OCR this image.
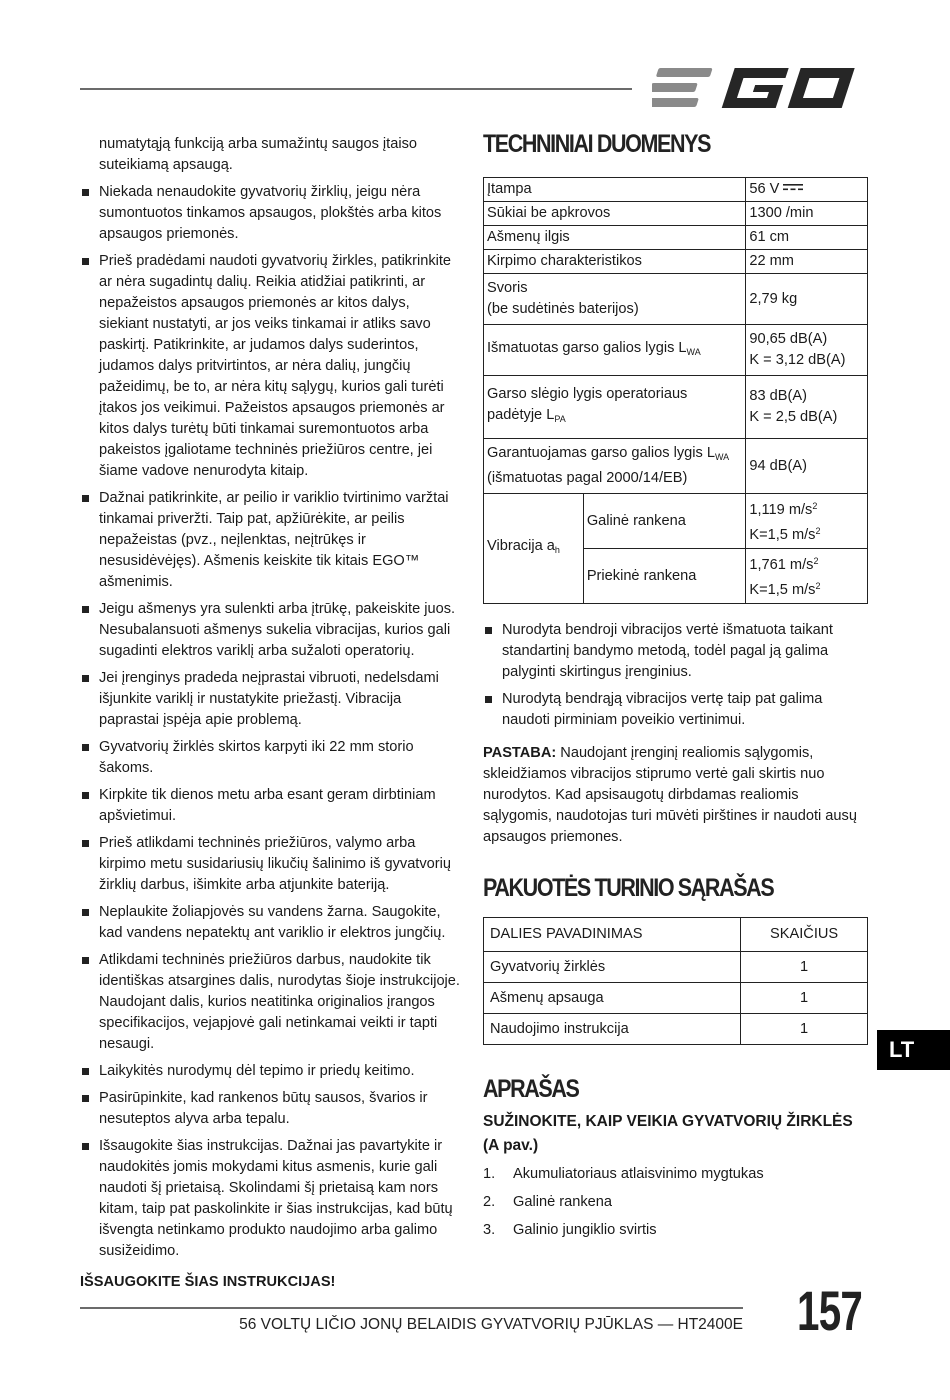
numatytąją funkciją arba sumažintų saugos įtaiso suteikiamą apsaugą.

Niekada nenaudokite gyvatvorių žirklių, jeigu nėra sumontuotos tinkamos apsaugos, plokštės arba kitos apsaugos priemonės.
Prieš pradėdami naudoti gyvatvorių žirkles, patikrinkite ar nėra sugadintų dalių. Reikia atidžiai patikrinti, ar nepažeistos apsaugos priemonės ar kitos dalys, siekiant nustatyti, ar jos veiks tinkamai ir atliks savo paskirtį. Patikrinkite, ar judamos dalys suderintos, judamos dalys pritvirtintos, ar nėra dalių, jungčių pažeidimų, be to, ar nėra kitų sąlygų, kurios gali turėti įtakos jos veikimui. Pažeistos apsaugos priemonės ar kitos dalys turėtų būti tinkamai suremontuotos arba pakeistos įgaliotame techninės priežiūros centre, jei šiame vadove nenurodyta kitaip.
Dažnai patikrinkite, ar peilio ir variklio tvirtinimo varžtai tinkamai priveržti. Taip pat, apžiūrėkite, ar peilis nepažeistas (pvz., neįlenktas, neįtrūkęs ir nesusidėvėjęs). Ašmenis keiskite tik kitais EGO™ ašmenimis.
Jeigu ašmenys yra sulenkti arba įtrūkę, pakeiskite juos. Nesubalansuoti ašmenys sukelia vibracijas, kurios gali sugadinti elektros variklį arba sužaloti operatorių.
Jei įrenginys pradeda neįprastai vibruoti, nedelsdami išjunkite variklį ir nustatykite priežastį. Vibracija paprastai įspėja apie problemą.
Gyvatvorių žirklės skirtos karpyti iki 22 mm storio šakoms.
Kirpkite tik dienos metu arba esant geram dirbtiniam apšvietimui.
Prieš atlikdami techninės priežiūros, valymo arba kirpimo metu susidariusių likučių šalinimo iš gyvatvorių žirklių darbus, išimkite arba atjunkite bateriją.
Neplaukite žoliapjovės su vandens žarna. Saugokite, kad vandens nepatektų ant variklio ir elektros jungčių.
Atlikdami techninės priežiūros darbus, naudokite tik identiškas atsargines dalis, nurodytas šioje instrukcijoje. Naudojant dalis, kurios neatitinka originalios įrangos specifikacijos, vejapjovė gali netinkamai veikti ir tapti nesaugi.
Laikykitės nurodymų dėl tepimo ir priedų keitimo.
Pasirūpinkite, kad rankenos būtų sausos, švarios ir nesuteptos alyva arba tepalu.
Išsaugokite šias instrukcijas. Dažnai jas pavartykite ir naudokitės jomis mokydami kitus asmenis, kurie gali naudoti šį prietaisą. Skolindami šį prietaisą kam nors kitam, taip pat paskolinkite ir šias instrukcijas, kad būtų išvengta netinkamo produkto naudojimo arba galimo susižeidimo.

IŠSAUGOKITE ŠIAS INSTRUKCIJAS!

TECHNINIAI DUOMENYS
Įtampa		56 V
Sūkiai be apkrovos		1300 /min
Ašmenų ilgis		61 cm
Kirpimo charakteristikos		22 mm
Svoris
(be sudėtinės baterijos)		2,79 kg
Išmatuotas garso galios lygis $L_{WA}$		90,65 dB(A)
K = 3,12 dB(A)
Garso slėgio lygis operatoriaus
padėtyje $L_{PA}$		83 dB(A)
K = 2,5 dB(A)
Garantuojamas garso galios lygis $L_{WA}$
(išmatuotas pagal 2000/14/EB)		94 dB(A)
Vibracija $a_h$	Galinė rankena	1,119 $m/s^2$
K=1,5 $m/s^2$
	Priekinė rankena	1,761 $m/s^2$
K=1,5 $m/s^2$
Nurodyta bendroji vibracijos vertė išmatuota taikant standartinį bandymo metodą, todėl pagal ją galima palyginti skirtingus įrenginius.
Nurodytą bendrąją vibracijos vertę taip pat galima naudoti pirminiam poveikio vertinimui.

PASTABA: Naudojant įrenginį realiomis sąlygomis, skleidžiamos vibracijos stiprumo vertė gali skirtis nuo nurodytos. Kad apsisaugotų dirbdamas realiomis sąlygomis, naudotojas turi mūvėti pirštines ir naudoti ausų apsaugos priemones.

PAKUOTĖS TURINIO SĄRAŠAS
DALIES PAVADINIMAS	SKAIČIUS
Gyvatvorių žirklės	1
Ašmenų apsauga	1
Naudojimo instrukcija	1
APRAŠAS
SUŽINOKITE, KAIP VEIKIA GYVATVORIŲ ŽIRKLĖS (A pav.)
1. Akumuliatoriaus atlaisvinimo mygtukas
2. Galinė rankena
3. Galinio jungiklio svirtis
LT
56 VOLTŲ LIČIO JONŲ BELAIDIS GYVATVORIŲ PJŪKLAS — HT2400E 157
